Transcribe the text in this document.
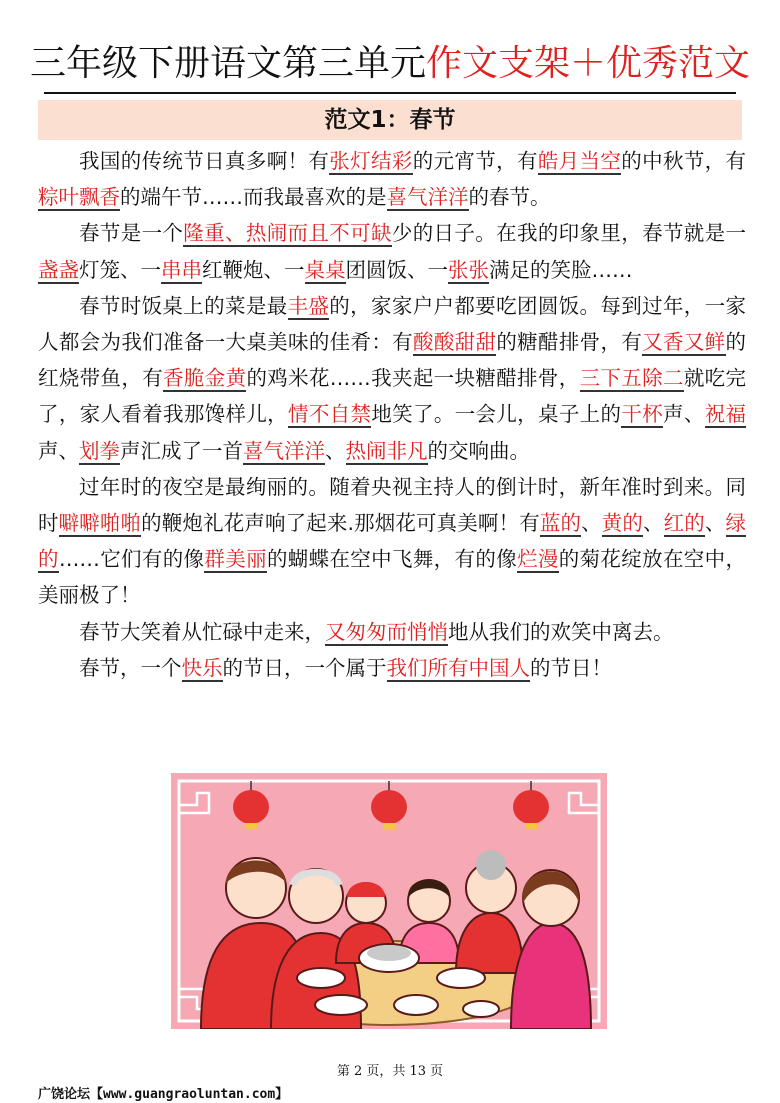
三年级下册语文第三单元作文支架＋优秀范文
范文1：春节

我国的传统节日真多啊！有张灯结彩的元宵节，有皓月当空的中秋节，有粽叶飘香的端午节……而我最喜欢的是喜气洋洋的春节。

春节是一个隆重、热闹而且不可缺少的日子。在我的印象里，春节就是一盏盏灯笼、一串串红鞭炮、一桌桌团圆饭、一张张满足的笑脸……

春节时饭桌上的菜是最丰盛的，家家户户都要吃团圆饭。每到过年，一家人都会为我们准备一大桌美味的佳肴：有酸酸甜甜的糖醋排骨，有又香又鲜的红烧带鱼，有香脆金黄的鸡米花……我夹起一块糖醋排骨，三下五除二就吃完了，家人看着我那馋样儿，情不自禁地笑了。一会儿，桌子上的干杯声、祝福声、划拳声汇成了一首喜气洋洋、热闹非凡的交响曲。

过年时的夜空是最绚丽的。随着央视主持人的倒计时，新年准时到来。同时噼噼啪啪的鞭炮礼花声响了起来.那烟花可真美啊！有蓝的、黄的、红的、绿的……它们有的像群美丽的蝴蝶在空中飞舞，有的像烂漫的菊花绽放在空中，美丽极了！

春节大笑着从忙碌中走来，又匆匆而悄悄地从我们的欢笑中离去。

春节，一个快乐的节日，一个属于我们所有中国人的节日！

第 2 页，共 13 页
广饶论坛【www.guangraoluntan.com】
